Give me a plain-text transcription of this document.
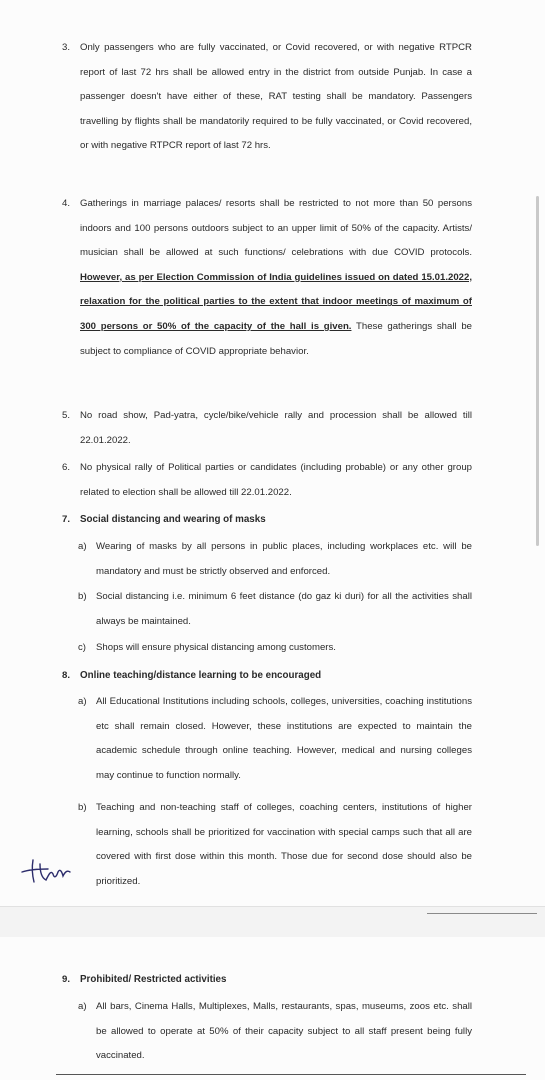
3. Only passengers who are fully vaccinated, or Covid recovered, or with negative RTPCR report of last 72 hrs shall be allowed entry in the district from outside Punjab. In case a passenger doesn't have either of these, RAT testing shall be mandatory. Passengers travelling by flights shall be mandatorily required to be fully vaccinated, or Covid recovered, or with negative RTPCR report of last 72 hrs.
4. Gatherings in marriage palaces/ resorts shall be restricted to not more than 50 persons indoors and 100 persons outdoors subject to an upper limit of 50% of the capacity. Artists/ musician shall be allowed at such functions/ celebrations with due COVID protocols. However, as per Election Commission of India guidelines issued on dated 15.01.2022, relaxation for the political parties to the extent that indoor meetings of maximum of 300 persons or 50% of the capacity of the hall is given. These gatherings shall be subject to compliance of COVID appropriate behavior.
5. No road show, Pad-yatra, cycle/bike/vehicle rally and procession shall be allowed till 22.01.2022.
6. No physical rally of Political parties or candidates (including probable) or any other group related to election shall be allowed till 22.01.2022.
7. Social distancing and wearing of masks
a) Wearing of masks by all persons in public places, including workplaces etc. will be mandatory and must be strictly observed and enforced.
b) Social distancing i.e. minimum 6 feet distance (do gaz ki duri) for all the activities shall always be maintained.
c) Shops will ensure physical distancing among customers.
8. Online teaching/distance learning to be encouraged
a) All Educational Institutions including schools, colleges, universities, coaching institutions etc shall remain closed. However, these institutions are expected to maintain the academic schedule through online teaching. However, medical and nursing colleges may continue to function normally.
b) Teaching and non-teaching staff of colleges, coaching centers, institutions of higher learning, schools shall be prioritized for vaccination with special camps such that all are covered with first dose within this month. Those due for second dose should also be prioritized.
9. Prohibited/ Restricted activities
a) All bars, Cinema Halls, Multiplexes, Malls, restaurants, spas, museums, zoos etc. shall be allowed to operate at 50% of their capacity subject to all staff present being fully vaccinated.
